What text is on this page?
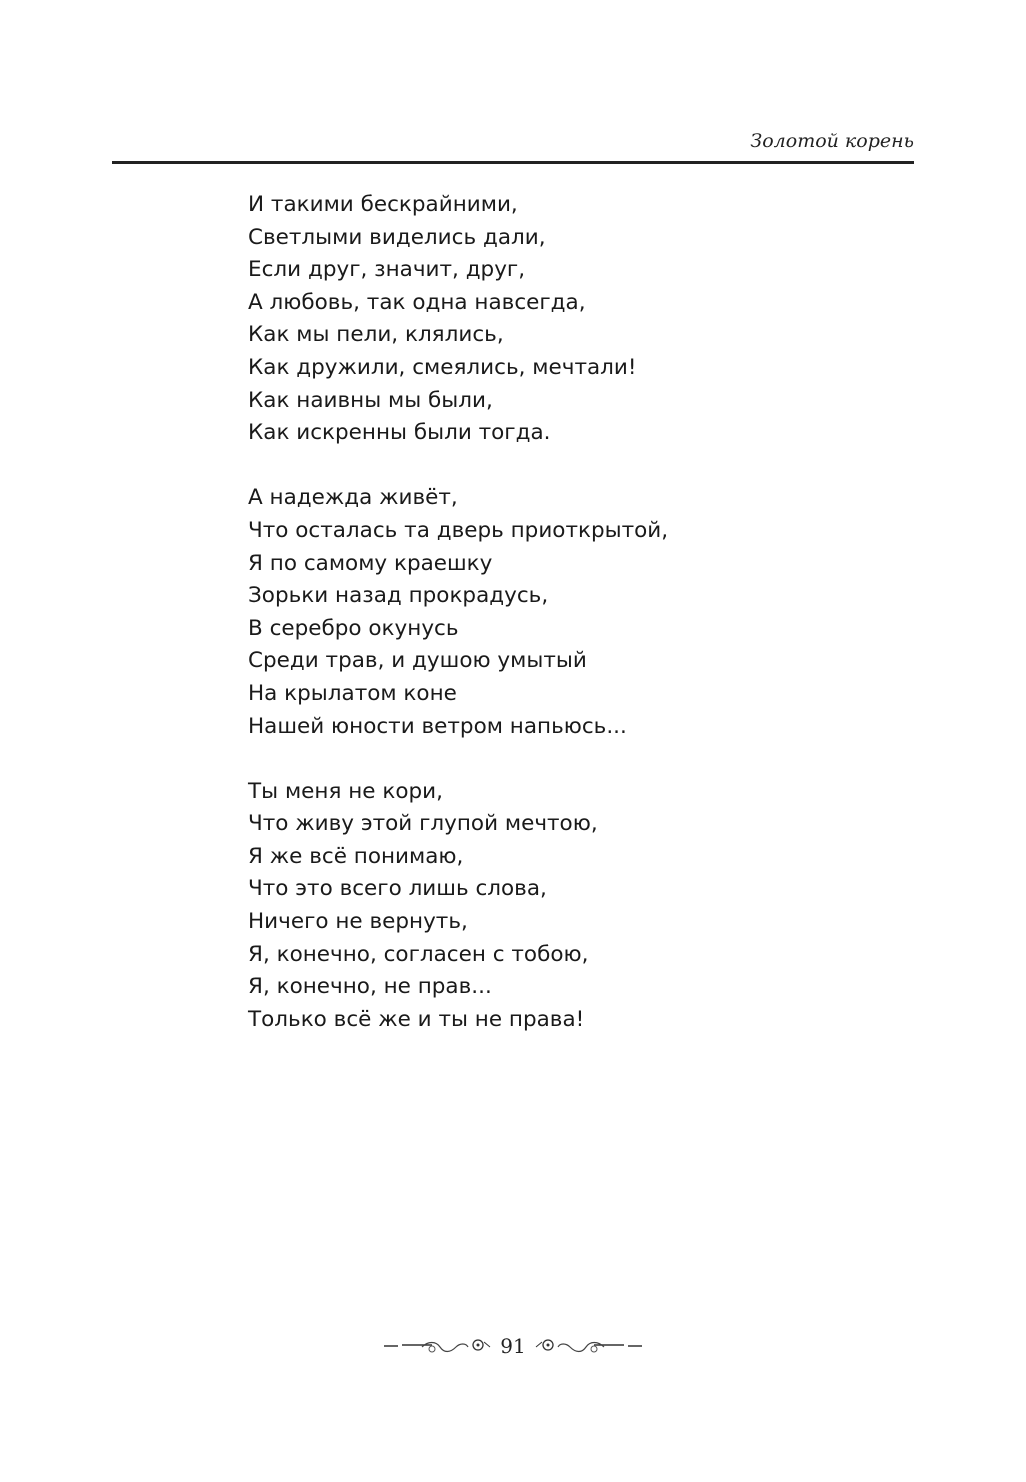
Золотой корень
И такими бескрайними,
Светлыми виделись дали,
Если друг, значит, друг,
А любовь, так одна навсегда,
Как мы пели, клялись,
Как дружили, смеялись, мечтали!
Как наивны мы были,
Как искренны были тогда.
А надежда живёт,
Что осталась та дверь приоткрытой,
Я по самому краешку
Зорьки назад прокрадусь,
В серебро окунусь
Среди трав, и душою умытый
На крылатом коне
Нашей юности ветром напьюсь...
Ты меня не кори,
Что живу этой глупой мечтою,
Я же всё понимаю,
Что это всего лишь слова,
Ничего не вернуть,
Я, конечно, согласен с тобою,
Я, конечно, не прав...
Только всё же и ты не права!
91
